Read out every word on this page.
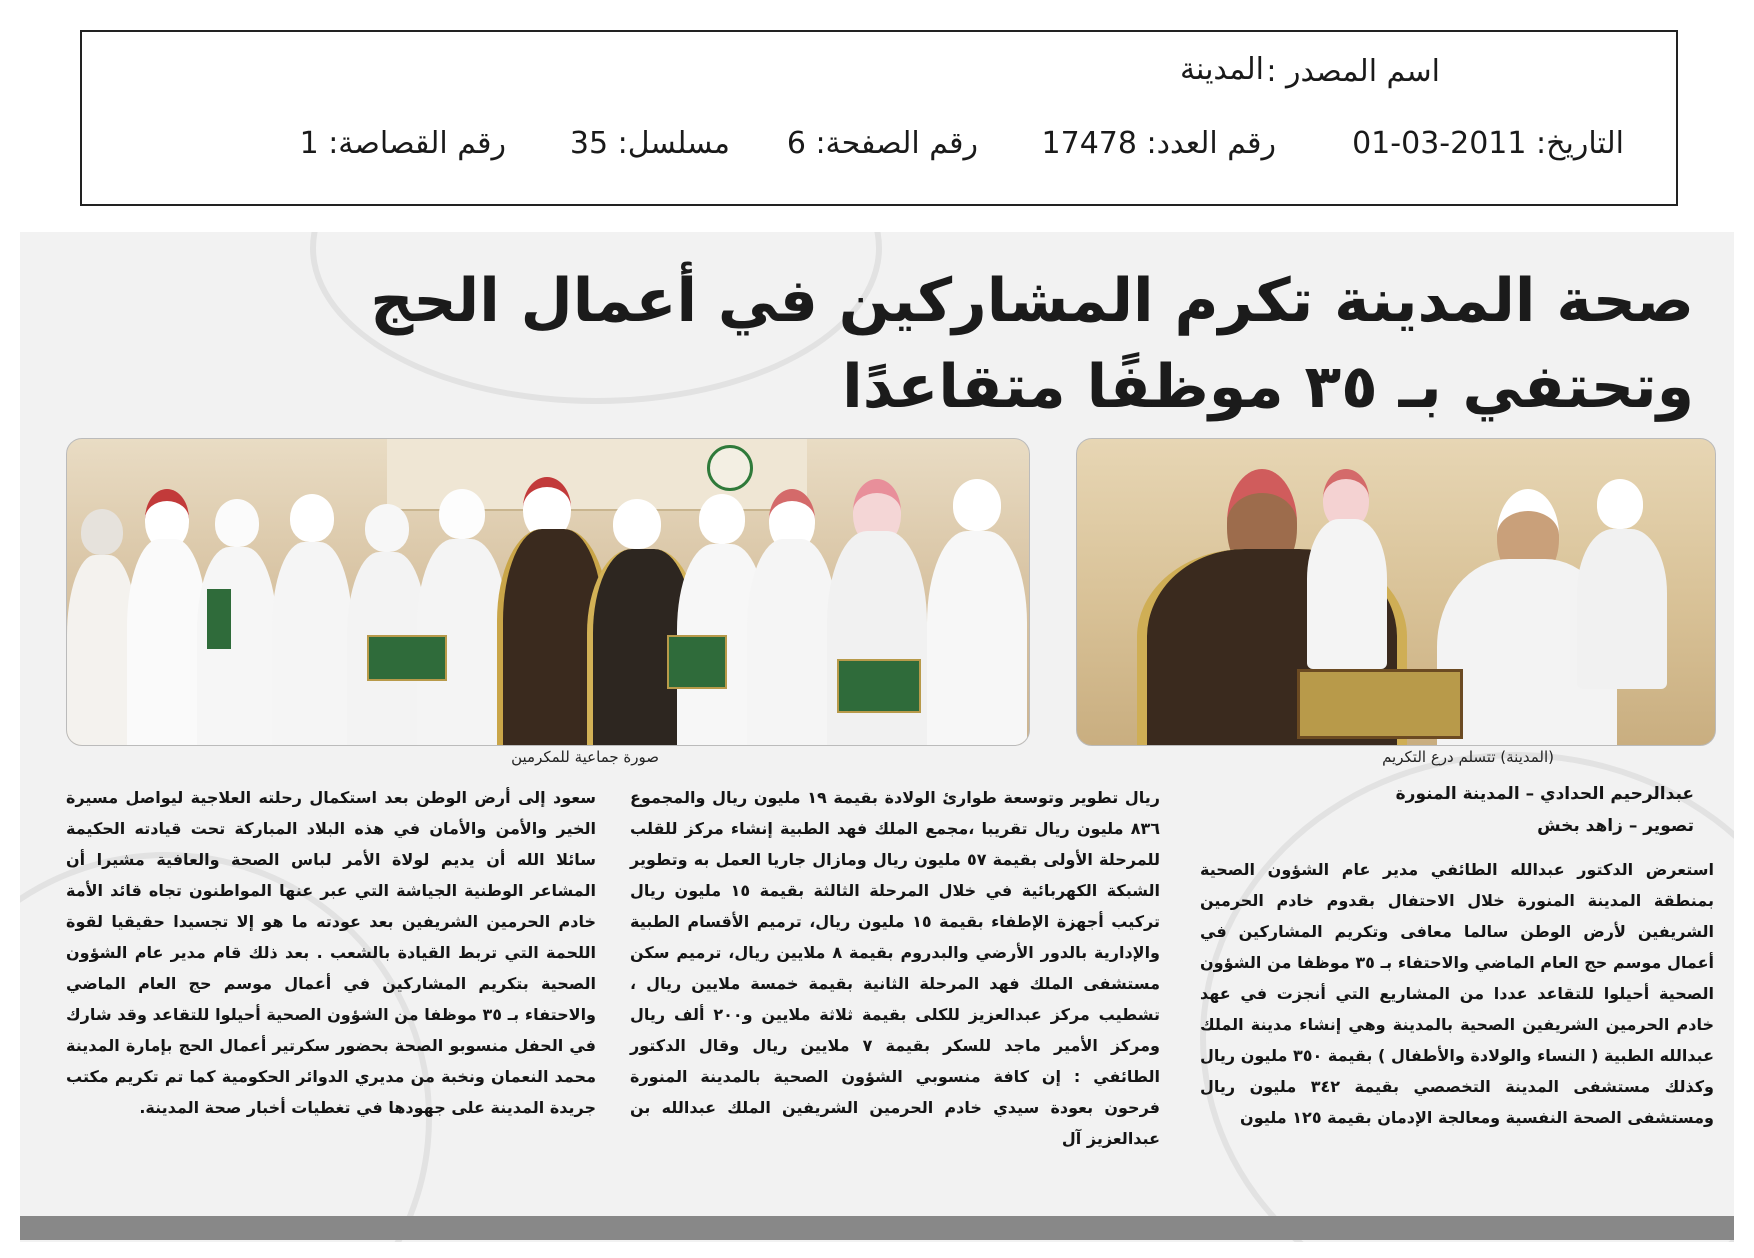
اسم المصدر :
المدينة
التاريخ: 2011-03-01
رقم العدد: 17478
رقم الصفحة: 6
مسلسل: 35
رقم القصاصة: 1
صحة المدينة تكرم المشاركين في أعمال الحج
وتحتفي بـ ٣٥ موظفًا متقاعدًا
صورة جماعية للمكرمين	(المدينة) تتسلم درع التكريم
عبدالرحيم الحدادي – المدينة المنورة
تصوير – زاهد بخش
استعرض الدكتور عبدالله الطائفي مدير عام الشؤون الصحية بمنطقة المدينة المنورة خلال الاحتفال بقدوم خادم الحرمين الشريفين لأرض الوطن سالما معافى وتكريم المشاركين في أعمال موسم حج العام الماضي والاحتفاء بـ ٣٥ موظفا من الشؤون الصحية أحيلوا للتقاعد عددا من المشاريع التي أنجزت في عهد خادم الحرمين الشريفين الصحية بالمدينة وهي إنشاء مدينة الملك عبدالله الطبية ( النساء والولادة والأطفال ) بقيمة ٣٥٠ مليون ريال وكذلك مستشفى المدينة التخصصي بقيمة ٣٤٢ مليون ريال ومستشفى الصحة النفسية ومعالجة الإدمان بقيمة ١٢٥ مليون
ريال تطوير وتوسعة طوارئ الولادة بقيمة ١٩ مليون ريال والمجموع ٨٣٦ مليون ريال تقريبا ،مجمع الملك فهد الطبية إنشاء مركز للقلب للمرحلة الأولى بقيمة ٥٧ مليون ريال ومازال جاريا العمل به وتطوير الشبكة الكهربائية في خلال المرحلة الثالثة بقيمة ١٥ مليون ريال تركيب أجهزة الإطفاء بقيمة ١٥ مليون ريال، ترميم الأقسام الطبية والإدارية بالدور الأرضي والبدروم بقيمة ٨ ملايين ريال، ترميم سكن مستشفى الملك فهد المرحلة الثانية بقيمة خمسة ملايين ريال ، تشطيب مركز عبدالعزيز للكلى بقيمة ثلاثة ملايين و٢٠٠ ألف ريال ومركز الأمير ماجد للسكر بقيمة ٧ ملايين ريال وقال الدكتور الطائفي : إن كافة منسوبي الشؤون الصحية بالمدينة المنورة فرحون بعودة سيدي خادم الحرمين الشريفين الملك عبدالله بن عبدالعزيز آل
سعود إلى أرض الوطن بعد استكمال رحلته العلاجية ليواصل مسيرة الخير والأمن والأمان في هذه البلاد المباركة تحت قيادته الحكيمة سائلا الله أن يديم لولاة الأمر لباس الصحة والعافية مشيرا أن المشاعر الوطنية الجياشة التي عبر عنها المواطنون تجاه قائد الأمة خادم الحرمين الشريفين بعد عودته ما هو إلا تجسيدا حقيقيا لقوة اللحمة التي تربط القيادة بالشعب . بعد ذلك قام مدير عام الشؤون الصحية بتكريم المشاركين في أعمال موسم حج العام الماضي والاحتفاء بـ ٣٥ موظفا من الشؤون الصحية أحيلوا للتقاعد وقد شارك في الحفل منسوبو الصحة بحضور سكرتير أعمال الحج بإمارة المدينة محمد النعمان ونخبة من مديري الدوائر الحكومية كما تم تكريم مكتب جريدة المدينة على جهودها في تغطيات أخبار صحة المدينة.
